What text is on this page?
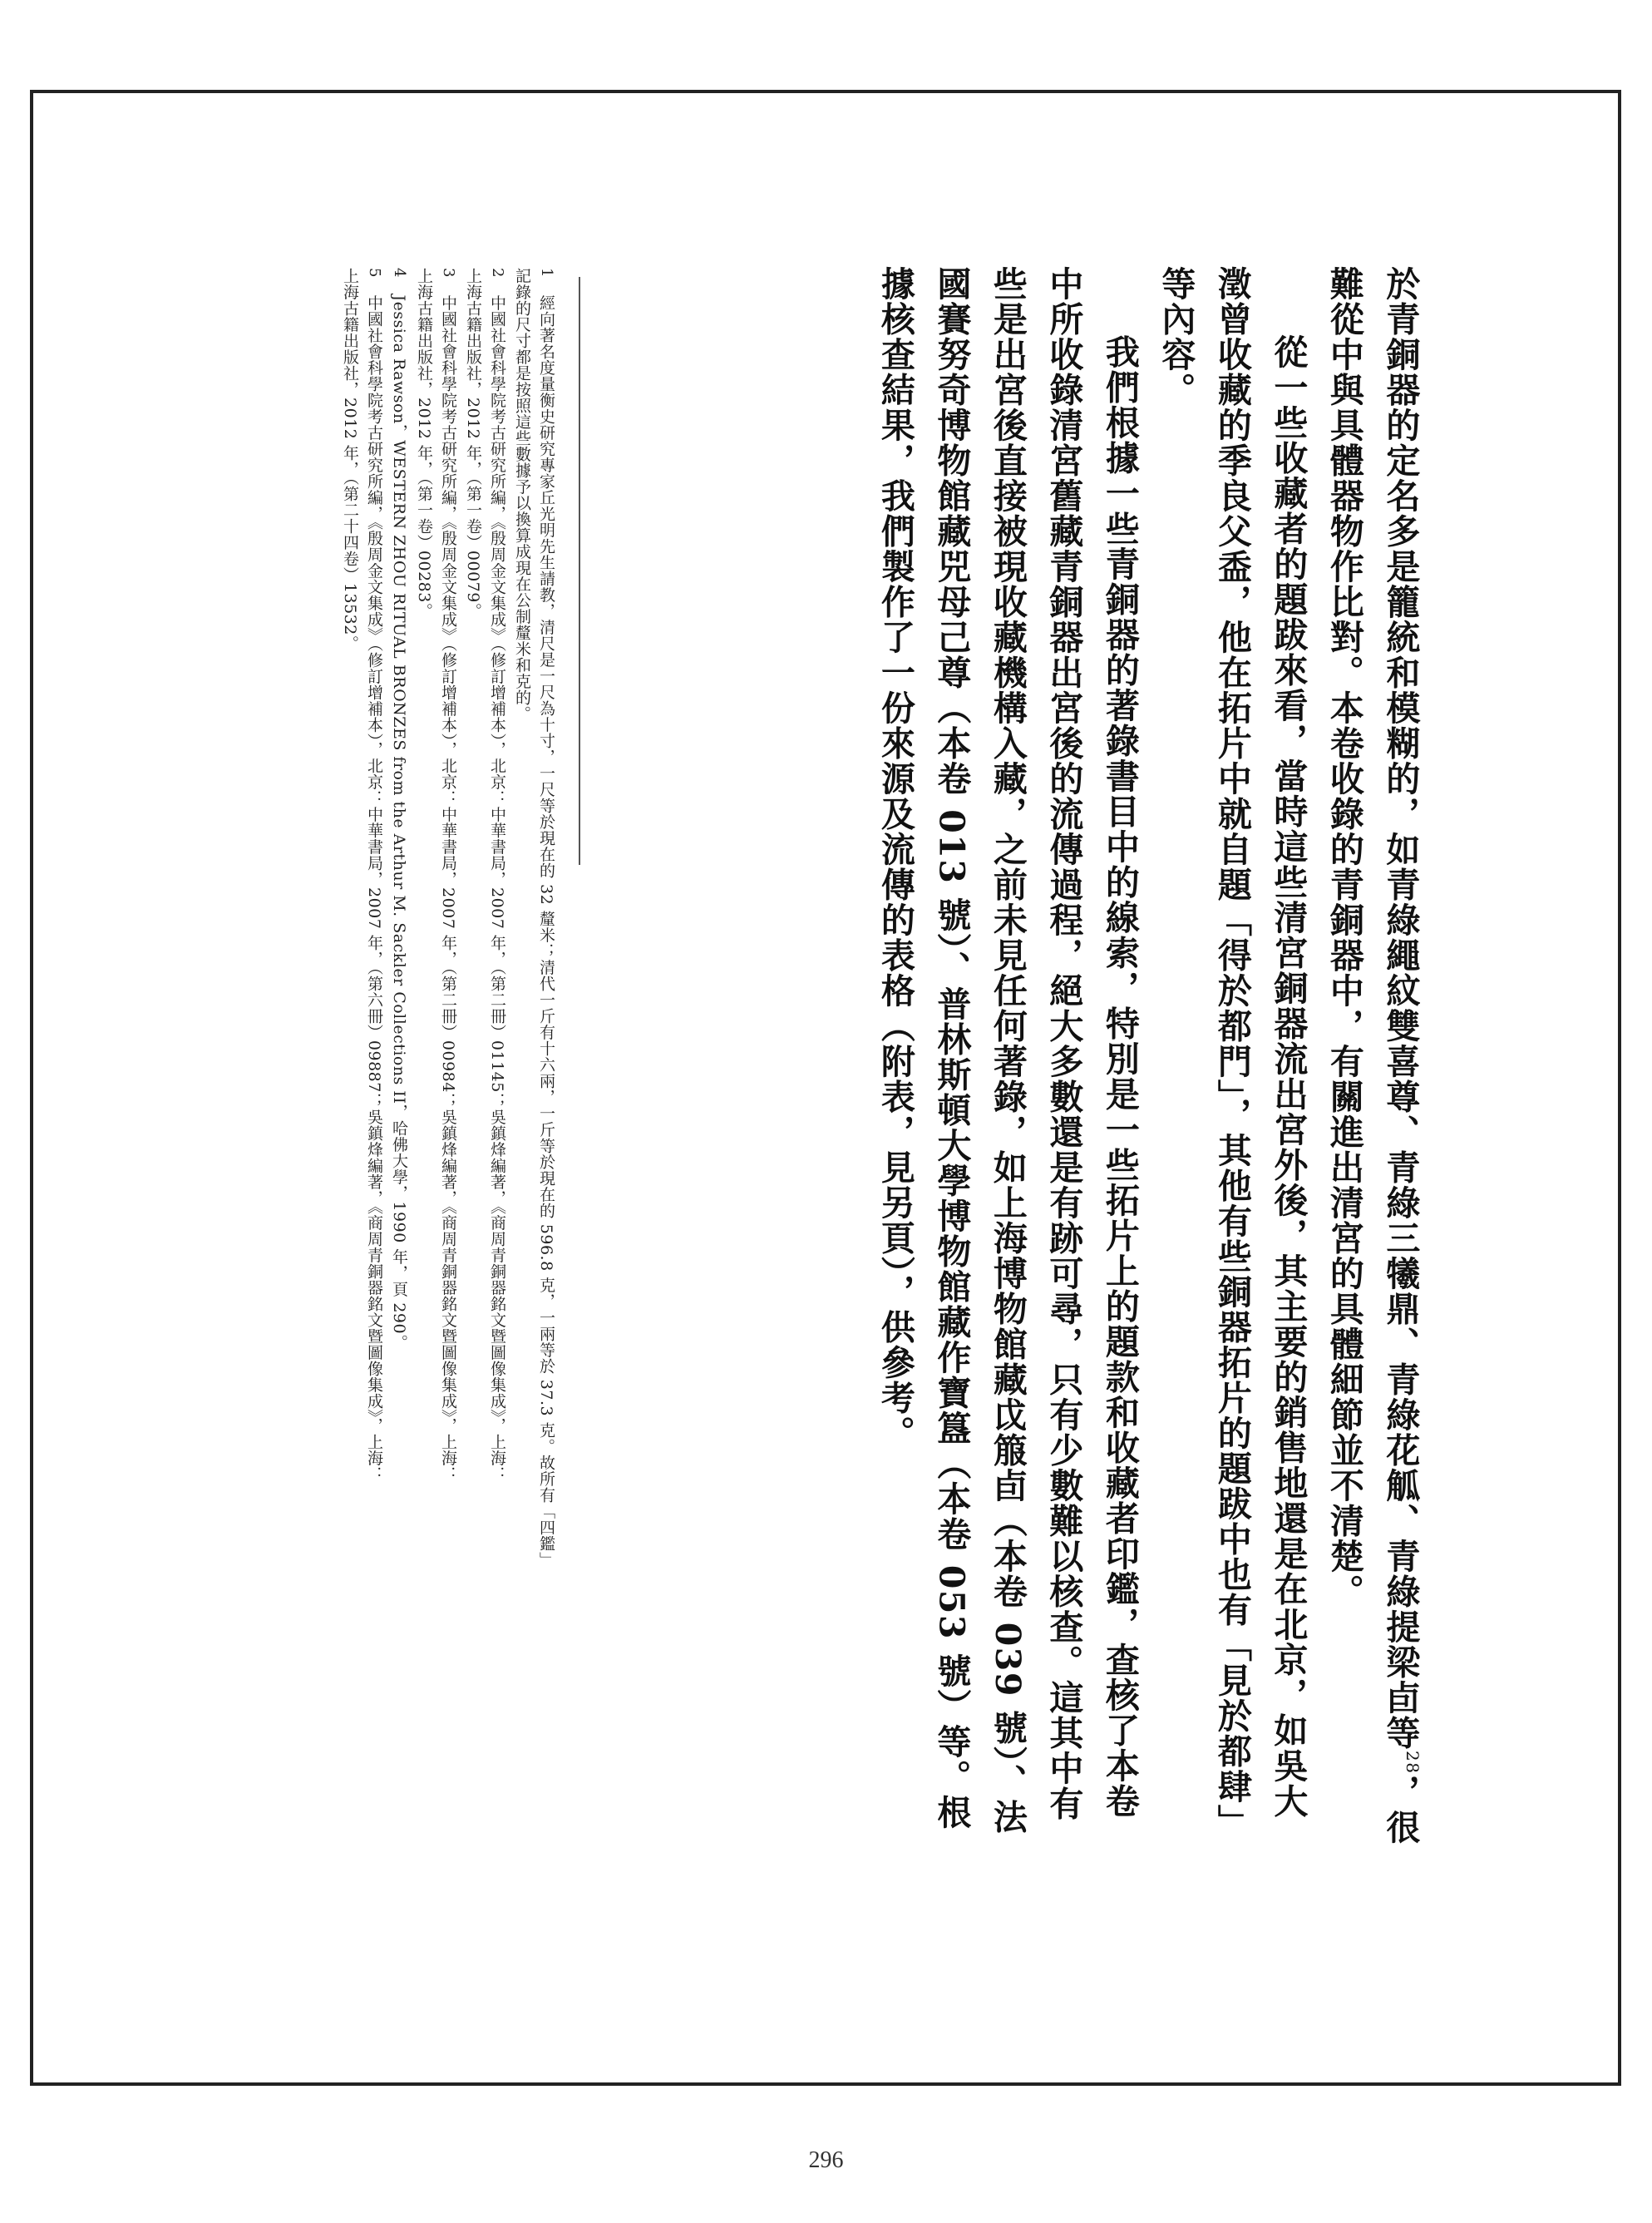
於青銅器的定名多是籠統和模糊的，如青綠繩紋雙喜尊、青綠三犧鼎、青綠花觚、青綠提梁卣等$^{28}$，很難從中與具體器物作比對。本卷收錄的青銅器中，有關進出清宮的具體細節並不清楚。

從一些收藏者的題跋來看，當時這些清宮銅器流出宮外後，其主要的銷售地還是在北京，如吳大澂曾收藏的季良父盉，他在拓片中就自題「得於都門」，其他有些銅器拓片的題跋中也有「見於都肆」等內容。

我們根據一些青銅器的著錄書目中的線索，特別是一些拓片上的題款和收藏者印鑑，查核了本卷中所收錄清宮舊藏青銅器出宮後的流傳過程，絕大多數還是有跡可尋，只有少數難以核查。這其中有些是出宮後直接被現收藏機構入藏，之前未見任何著錄，如上海博物館藏戉箙卣（本卷 039 號）、法國賽努奇博物館藏兕母己尊（本卷 013 號）、普林斯頓大學博物館藏作寶簋（本卷 053 號）等。根據核查結果，我們製作了一份來源及流傳的表格（附表，見另頁），供參考。

1 經向著名度量衡史研究專家丘光明先生請教，清尺是一尺為十寸，一尺等於現在的 32 釐米；清代一斤有十六兩，一斤等於現在的 596.8 克，一兩等於 37.3 克。故所有「四鑑」
記錄的尺寸都是按照這些數據予以換算成現在公制釐米和克的。
2 中國社會科學院考古研究所編，《殷周金文集成》（修訂增補本），北京：中華書局，2007 年，（第二冊）01145；吳鎮烽編著，《商周青銅器銘文暨圖像集成》，上海：
上海古籍出版社，2012 年，（第一卷）00079。
3 中國社會科學院考古研究所編，《殷周金文集成》（修訂增補本），北京：中華書局，2007 年，（第二冊）00984；吳鎮烽編著，《商周青銅器銘文暨圖像集成》，上海：
上海古籍出版社，2012 年，（第一卷）00283。
4 Jessica Rawson，WESTERN ZHOU RITUAL BRONZES from the Arthur M. Sackler Collections II，哈佛大學，1990 年，頁 290。
5 中國社會科學院考古研究所編，《殷周金文集成》（修訂增補本），北京：中華書局，2007 年，（第六冊）09887；吳鎮烽編著，《商周青銅器銘文暨圖像集成》，上海：
上海古籍出版社，2012 年，（第二十四卷）13532。
296
